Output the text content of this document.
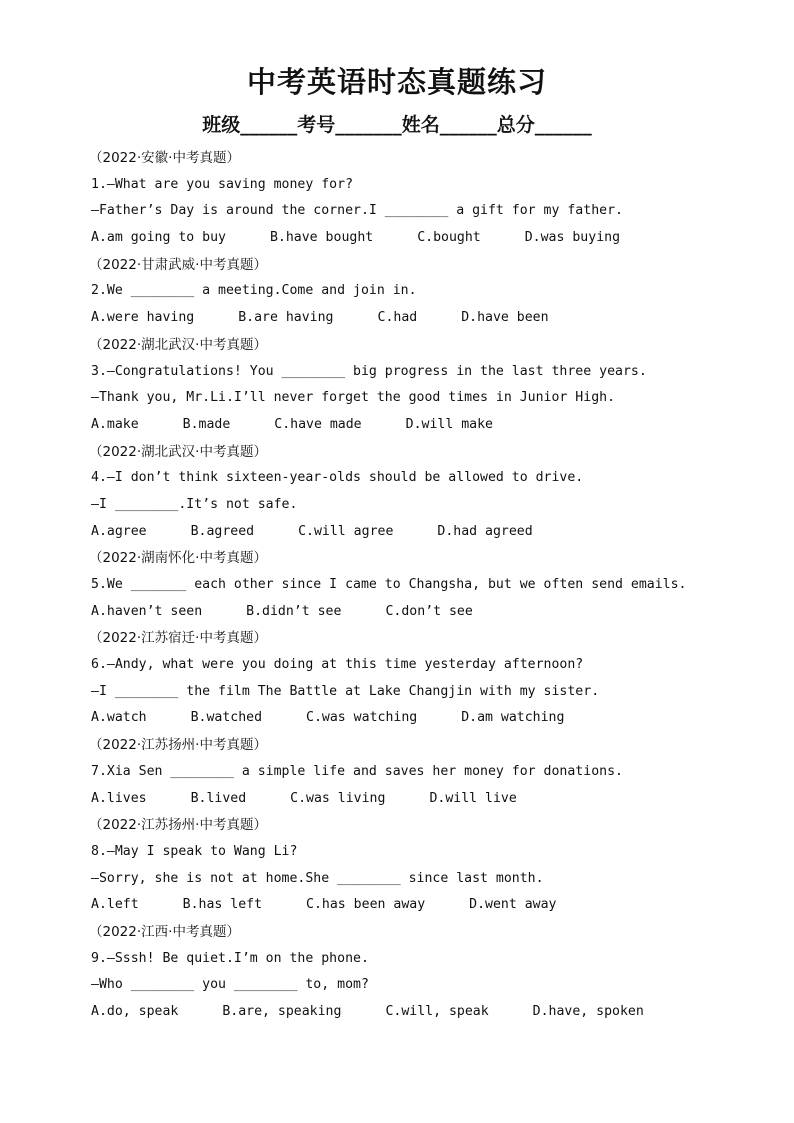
中考英语时态真题练习
班级______考号_______姓名______总分______
（2022·安徽·中考真题）
1.—What are you saving money for?
—Father’s Day is around the corner.I ________ a gift for my father.
A.am going to buy	B.have bought	C.bought	D.was buying
（2022·甘肃武威·中考真题）
2.We ________ a meeting.Come and join in.
A.were having	B.are having	C.had	D.have been
（2022·湖北武汉·中考真题）
3.—Congratulations! You ________ big progress in the last three years.
—Thank you, Mr.Li.I’ll never forget the good times in Junior High.
A.make	B.made	C.have made	D.will make
（2022·湖北武汉·中考真题）
4.—I don’t think sixteen-year-olds should be allowed to drive.
—I ________.It’s not safe.
A.agree	B.agreed	C.will agree	D.had agreed
（2022·湖南怀化·中考真题）
5.We _______ each other since I came to Changsha, but we often send emails.
A.haven’t seen	B.didn’t see	C.don’t see
（2022·江苏宿迁·中考真题）
6.—Andy, what were you doing at this time yesterday afternoon?
—I ________ the film The Battle at Lake Changjin with my sister.
A.watch	B.watched	C.was watching	D.am watching
（2022·江苏扬州·中考真题）
7.Xia Sen ________ a simple life and saves her money for donations.
A.lives	B.lived	C.was living	D.will live
（2022·江苏扬州·中考真题）
8.—May I speak to Wang Li?
—Sorry, she is not at home.She ________ since last month.
A.left	B.has left	C.has been away	D.went away
（2022·江西·中考真题）
9.—Sssh! Be quiet.I’m on the phone.
—Who ________ you ________ to, mom?
A.do, speak	B.are, speaking	C.will, speak	D.have, spoken
